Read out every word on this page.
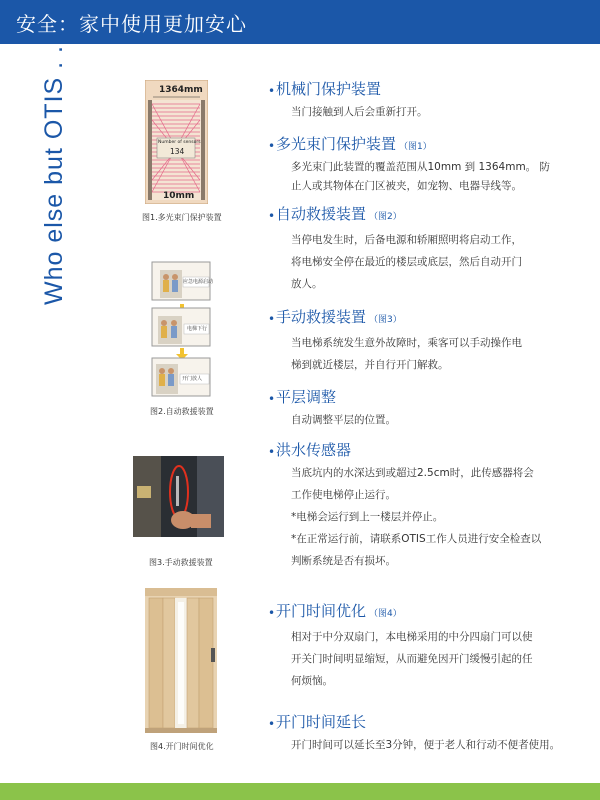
安全：家中使用更加安心
Who else but OTIS . . .	1364mm
Number of sensors
134
10mm
图1.多光束门保护装置
应急电源启动
电梯下行
开门放人
图2.自动救援装置
图3.手动救援装置
图4.开门时间优化
• 机械门保护装置
当门接触到人后会重新打开。
• 多光束门保护装置 （图1）
多光束门此装置的覆盖范围从10mm 到 1364mm。 防
止人或其物体在门区被夹，如宠物、电器导线等。
• 自动救援装置 （图2）
当停电发生时，后备电源和轿厢照明将启动工作，
将电梯安全停在最近的楼层或底层，然后自动开门
放人。
• 手动救援装置 （图3）
当电梯系统发生意外故障时，乘客可以手动操作电
梯到就近楼层，并自行开门解救。
• 平层调整
自动调整平层的位置。
• 洪水传感器
当底坑内的水深达到或超过2.5cm时，此传感器将会
工作使电梯停止运行。
*电梯会运行到上一楼层并停止。
*在正常运行前，请联系OTIS工作人员进行安全检查以
判断系统是否有损坏。
• 开门时间优化 （图4）
相对于中分双扇门，本电梯采用的中分四扇门可以使
开关门时间明显缩短，从而避免因开门缓慢引起的任
何烦恼。
• 开门时间延长
开门时间可以延长至3分钟，便于老人和行动不便者使用。
